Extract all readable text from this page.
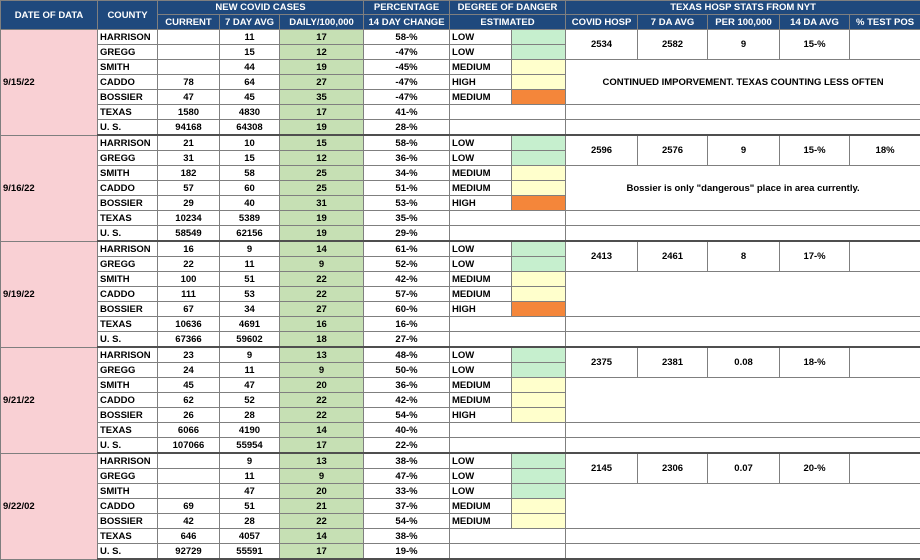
DATE OF DATA	COUNTY	NEW COVID CASES			PERCENTAGE	DEGREE OF DANGER		TEXAS HOSP STATS FROM NYT				
		CURRENT	7 DAY AVG	DAILY/100,000	14 DAY CHANGE	ESTIMATED		COVID HOSP	7 DA AVG	PER 100,000	14 DA AVG	% TEST POS
9/15/22	HARRISON		11	17	58-%	LOW		2534	2582	9	15-%	
	GREGG		15	12	-47%	LOW						
	SMITH		44	19	-45%	MEDIUM		CONTINUED IMPORVEMENT. TEXAS COUNTING LESS OFTEN				
	CADDO	78	64	27	-47%	HIGH						
	BOSSIER	47	45	35	-47%	MEDIUM						
	TEXAS	1580	4830	17	41-%							
	U. S.	94168	64308	19	28-%							
9/16/22	HARRISON	21	10	15	58-%	LOW		2596	2576	9	15-%	18%
	GREGG	31	15	12	36-%	LOW						
	SMITH	182	58	25	34-%	MEDIUM		Bossier is only "dangerous" place in area currently.				
	CADDO	57	60	25	51-%	MEDIUM						
	BOSSIER	29	40	31	53-%	HIGH						
	TEXAS	10234	5389	19	35-%							
	U. S.	58549	62156	19	29-%							
9/19/22	HARRISON	16	9	14	61-%	LOW		2413	2461	8	17-%	
	GREGG	22	11	9	52-%	LOW						
	SMITH	100	51	22	42-%	MEDIUM						
	CADDO	111	53	22	57-%	MEDIUM						
	BOSSIER	67	34	27	60-%	HIGH						
	TEXAS	10636	4691	16	16-%							
	U. S.	67366	59602	18	27-%							
9/21/22	HARRISON	23	9	13	48-%	LOW		2375	2381	0.08	18-%	
	GREGG	24	11	9	50-%	LOW						
	SMITH	45	47	20	36-%	MEDIUM						
	CADDO	62	52	22	42-%	MEDIUM						
	BOSSIER	26	28	22	54-%	HIGH						
	TEXAS	6066	4190	14	40-%							
	U. S.	107066	55954	17	22-%							
9/22/02	HARRISON		9	13	38-%	LOW		2145	2306	0.07	20-%	
	GREGG		11	9	47-%	LOW						
	SMITH		47	20	33-%	LOW						
	CADDO	69	51	21	37-%	MEDIUM						
	BOSSIER	42	28	22	54-%	MEDIUM						
	TEXAS	646	4057	14	38-%							
	U. S.	92729	55591	17	19-%							
